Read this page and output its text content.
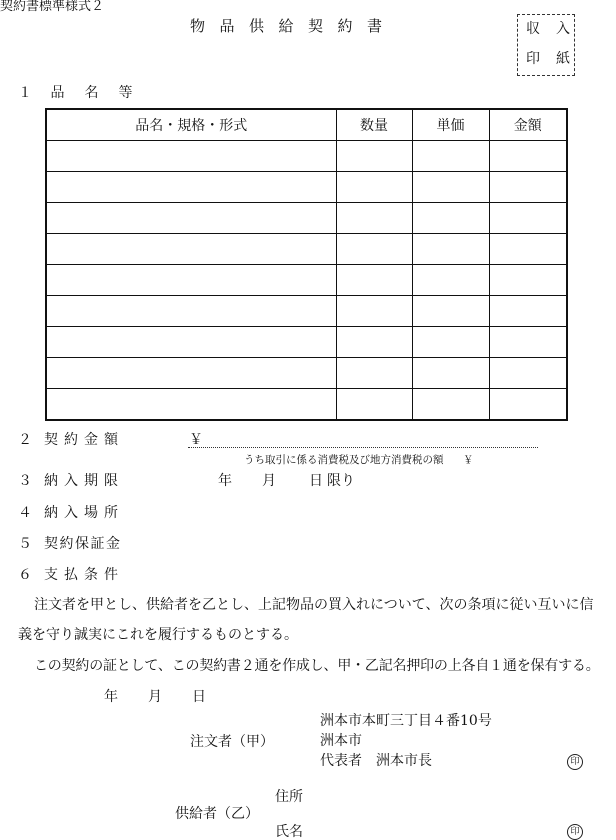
契約書標準様式２
物品供給契約書	収入
印紙
１ 品名等
品名・規格・形式	数量	単価	金額

２ 契約金額	￥
うち取引に係る消費税及び地方消費税の額 ￥
３ 納入期限	年 月 日 限り
４ 納入場所
５ 契約保証金
６ 支払条件
注文者を甲とし、供給者を乙とし、上記物品の買入れについて、次の条項に従い互いに信
義を守り誠実にこれを履行するものとする。
この契約の証として、この契約書２通を作成し、甲・乙記名押印の上各自１通を保有する。
年 月 日
注文者（甲）
洲本市本町三丁目４番10号
洲本市
代表者　洲本市長	印
住所
供給者（乙）
氏名	印
